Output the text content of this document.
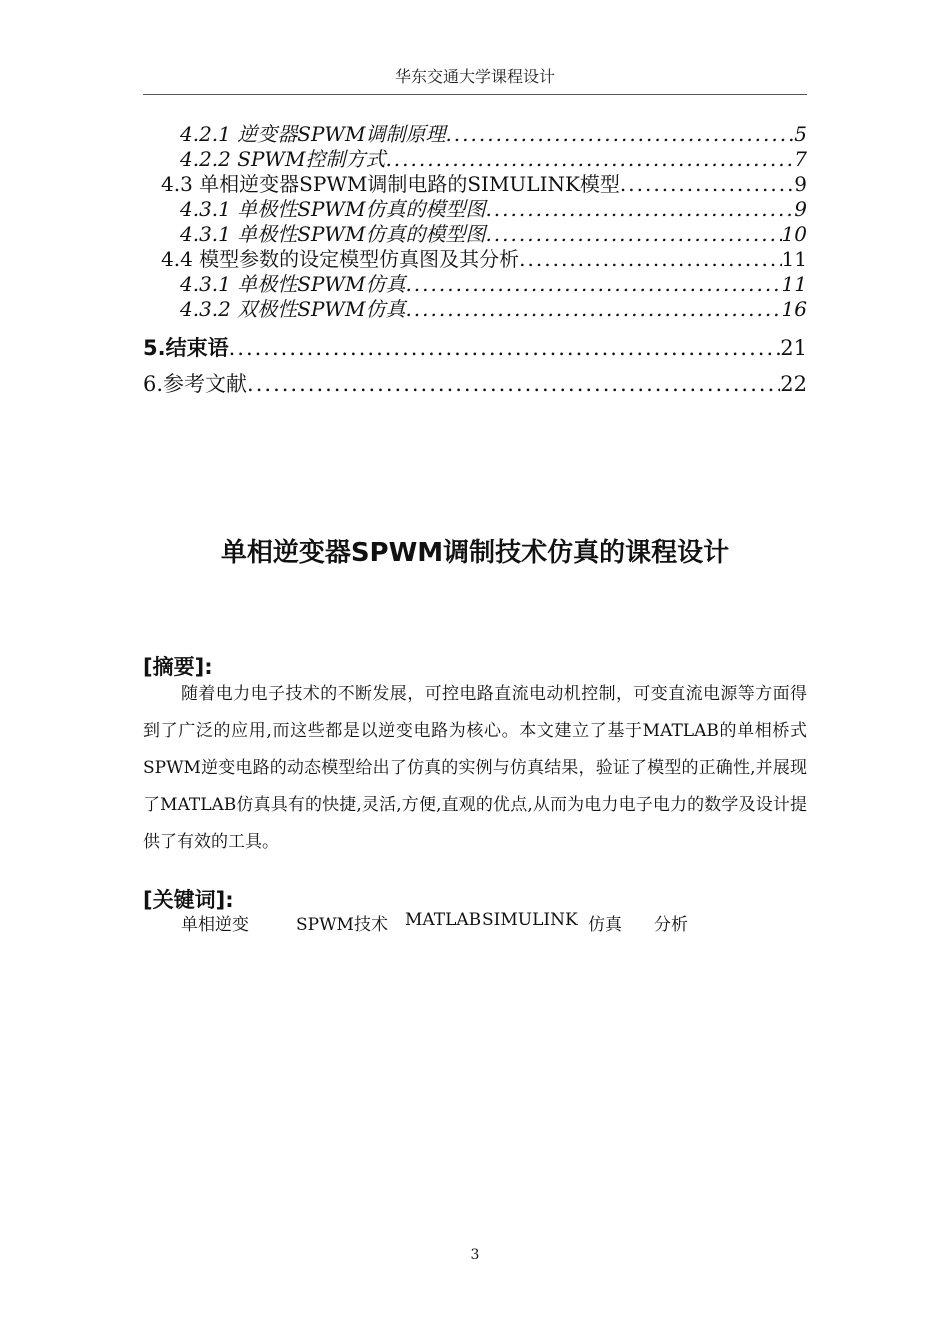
华东交通大学课程设计
4.2.1 逆变器SPWM调制原理 .....	5
4.2.2 SPWM控制方式 .....	7
4.3 单相逆变器SPWM调制电路的SIMULINK模型 .....	9
4.3.1 单极性SPWM仿真的模型图 .....	9
4.3.1 单极性SPWM仿真的模型图 .....	10
4.4 模型参数的设定模型仿真图及其分析 .....	11
4.3.1 单极性SPWM仿真 .....	11
4.3.2 双极性SPWM仿真 .....	16
5.结束语 .....	21
6.参考文献 .....	22
单相逆变器SPWM调制技术仿真的课程设计
[摘要]:
随着电力电子技术的不断发展，可控电路直流电动机控制，可变直流电源等方面得到了广泛的应用,而这些都是以逆变电路为核心。本文建立了基于MATLAB的单相桥式SPWM逆变电路的动态模型给出了仿真的实例与仿真结果，验证了模型的正确性,并展现了MATLAB仿真具有的快捷,灵活,方便,直观的优点,从而为电力电子电力的数学及设计提供了有效的工具。
[关键词]:
单相逆变	SPWM技术	MATLAB SIMULINK 仿真	分析
3
